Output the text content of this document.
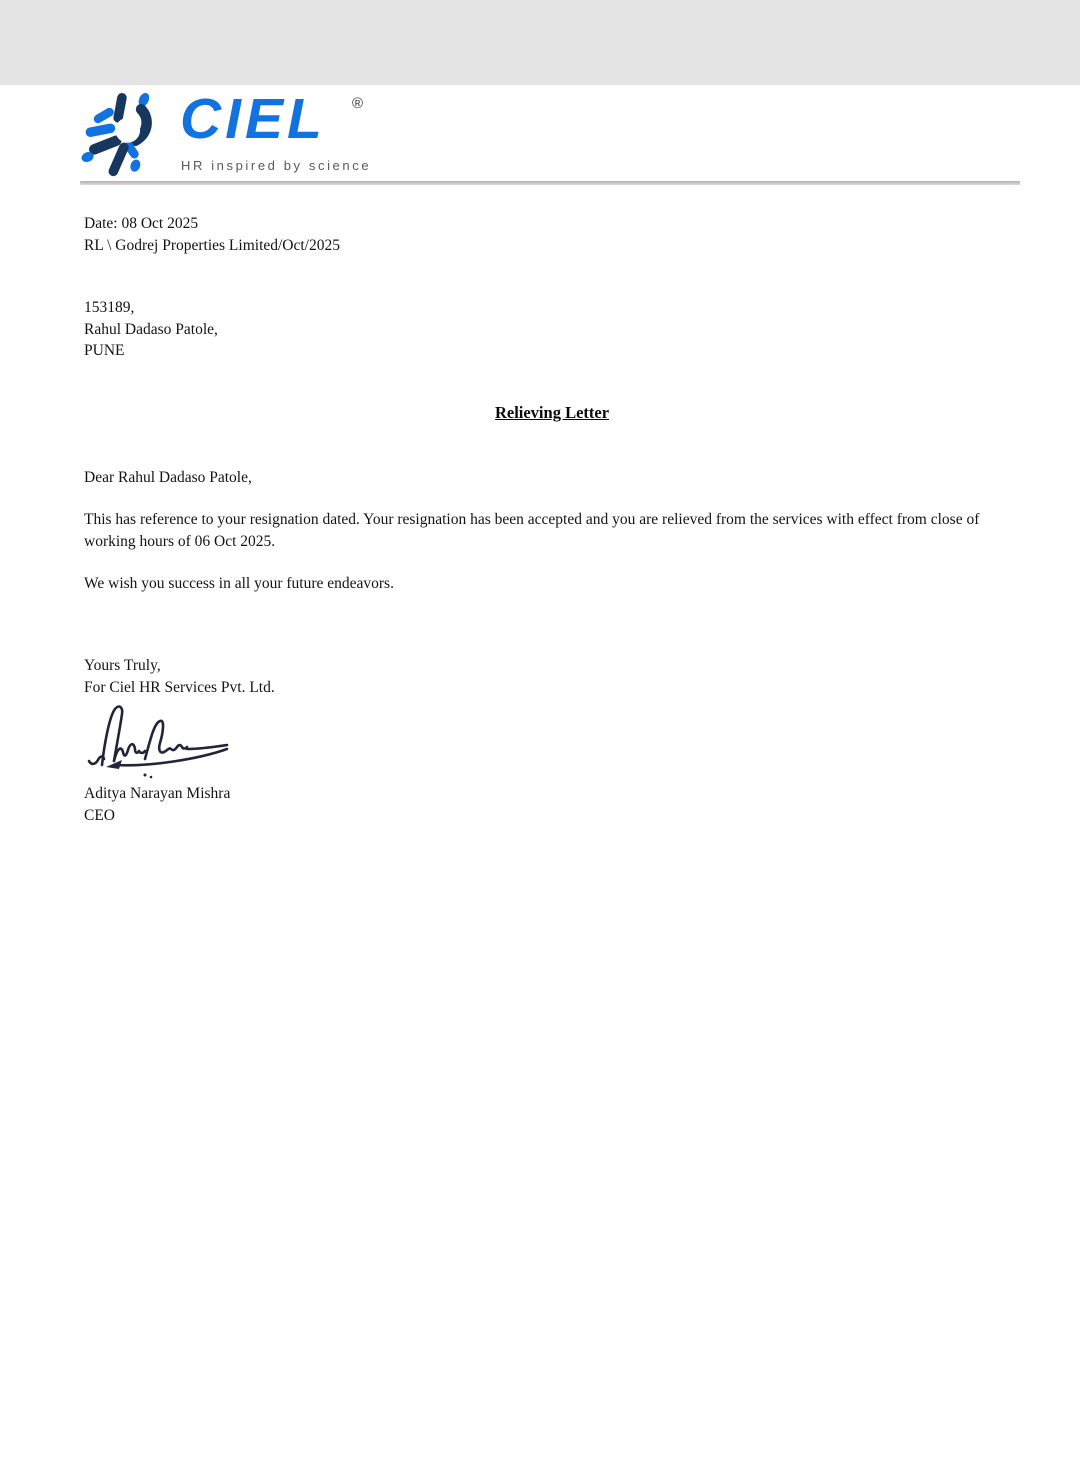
CIEL ®
HR inspired by science
Date: 08 Oct 2025
RL \ Godrej Properties Limited/Oct/2025
153189,
Rahul Dadaso Patole,
PUNE
Relieving Letter
Dear Rahul Dadaso Patole,
This has reference to your resignation dated. Your resignation has been accepted and you are relieved from the services with effect from close of working hours of 06 Oct 2025.
We wish you success in all your future endeavors.
Yours Truly,
For Ciel HR Services Pvt. Ltd.
Aditya Narayan Mishra
CEO
